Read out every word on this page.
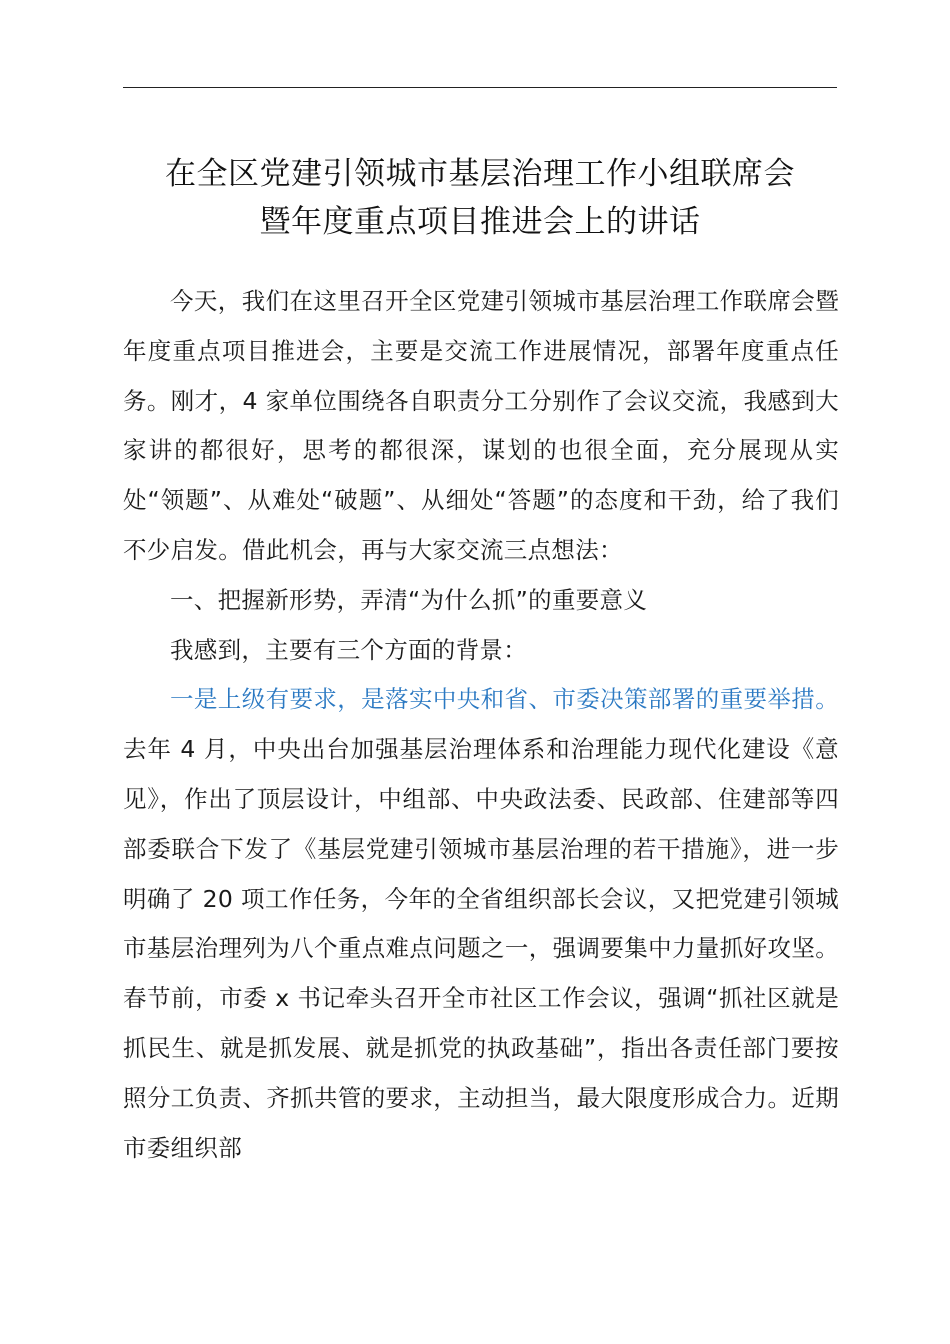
在全区党建引领城市基层治理工作小组联席会
暨年度重点项目推进会上的讲话

今天，我们在这里召开全区党建引领城市基层治理工作联席会暨年度重点项目推进会，主要是交流工作进展情况，部署年度重点任务。刚才，4 家单位围绕各自职责分工分别作了会议交流，我感到大家讲的都很好，思考的都很深，谋划的也很全面，充分展现从实处“领题”、从难处“破题”、从细处“答题”的态度和干劲，给了我们不少启发。借此机会，再与大家交流三点想法：

一、把握新形势，弄清“为什么抓”的重要意义

我感到，主要有三个方面的背景：

一是上级有要求，是落实中央和省、市委决策部署的重要举措。去年 4 月，中央出台加强基层治理体系和治理能力现代化建设《意见》，作出了顶层设计，中组部、中央政法委、民政部、住建部等四部委联合下发了《基层党建引领城市基层治理的若干措施》，进一步明确了 20 项工作任务，今年的全省组织部长会议，又把党建引领城市基层治理列为八个重点难点问题之一，强调要集中力量抓好攻坚。春节前，市委 x 书记牵头召开全市社区工作会议，强调“抓社区就是抓民生、就是抓发展、就是抓党的执政基础”，指出各责任部门要按照分工负责、齐抓共管的要求，主动担当，最大限度形成合力。近期市委组织部
